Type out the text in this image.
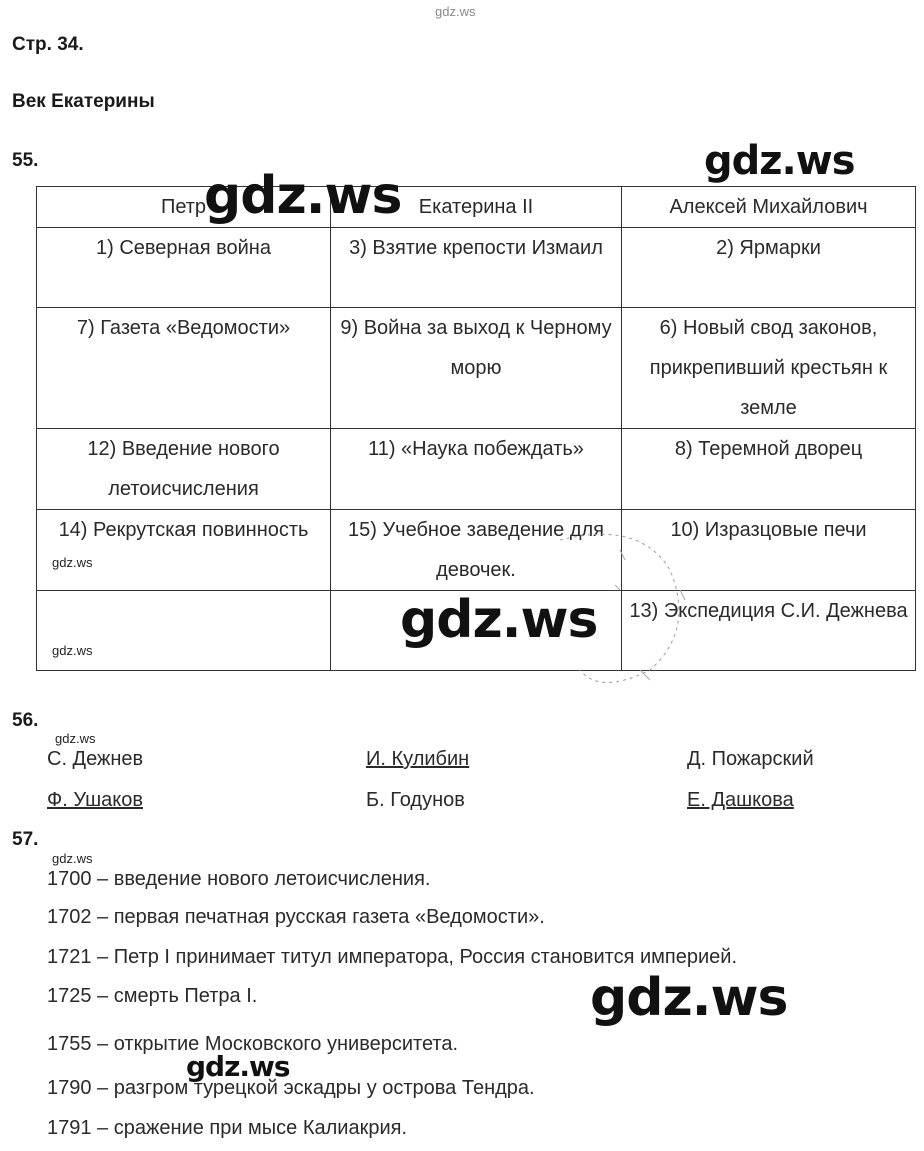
gdz.ws
Стр. 34.
Век Екатерины
55.
Петр	Екатерина II	Алексей Михайлович
1) Северная война	3) Взятие крепости Измаил	2) Ярмарки
7) Газета «Ведомости»	9) Война за выход к Черному морю	6) Новый свод законов, прикрепивший крестьян к земле
12) Введение нового летоисчисления	11) «Наука побеждать»	8) Теремной дворец
14) Рекрутская повинность	15) Учебное заведение для девочек.	10) Изразцовые печи
		13) Экспедиция С.И. Дежнева
gdz.ws
gdz.ws
gdz.ws
gdz.ws
gdz.ws
56.
gdz.ws
С. Дежнев	И. Кулибин	Д. Пожарский
Ф. Ушаков	Б. Годунов	Е. Дашкова
57.
gdz.ws
1700 – введение нового летоисчисления.
1702 – первая печатная русская газета «Ведомости».
1721 – Петр I принимает титул императора, Россия становится империей.
1725 – смерть Петра I.
1755 – открытие Московского университета.
1790 – разгром турецкой эскадры у острова Тендра.
1791 – сражение при мысе Калиакрия.
gdz.ws
gdz.ws
